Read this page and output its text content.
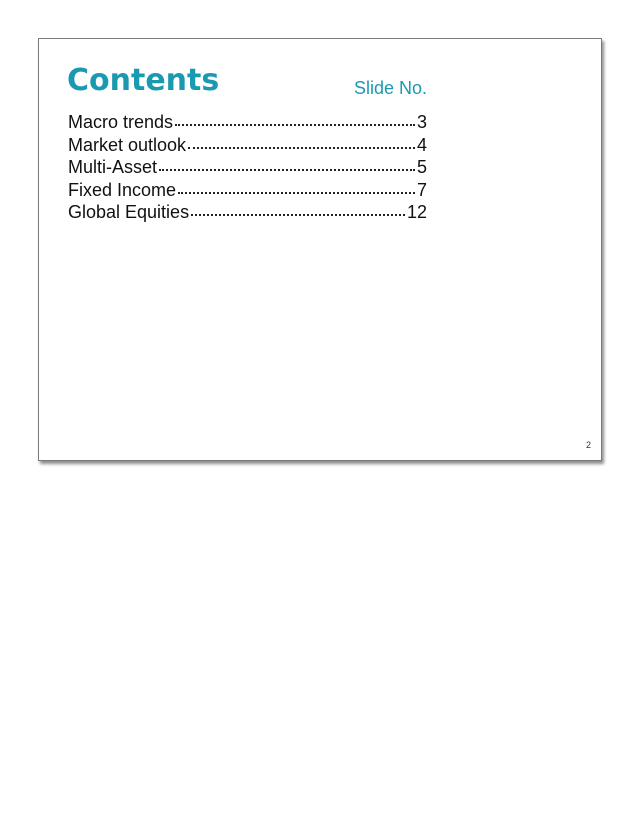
Contents	Slide No.
Macro trends	3
Market outlook	4
Multi-Asset	5
Fixed Income	7
Global Equities	12
2
